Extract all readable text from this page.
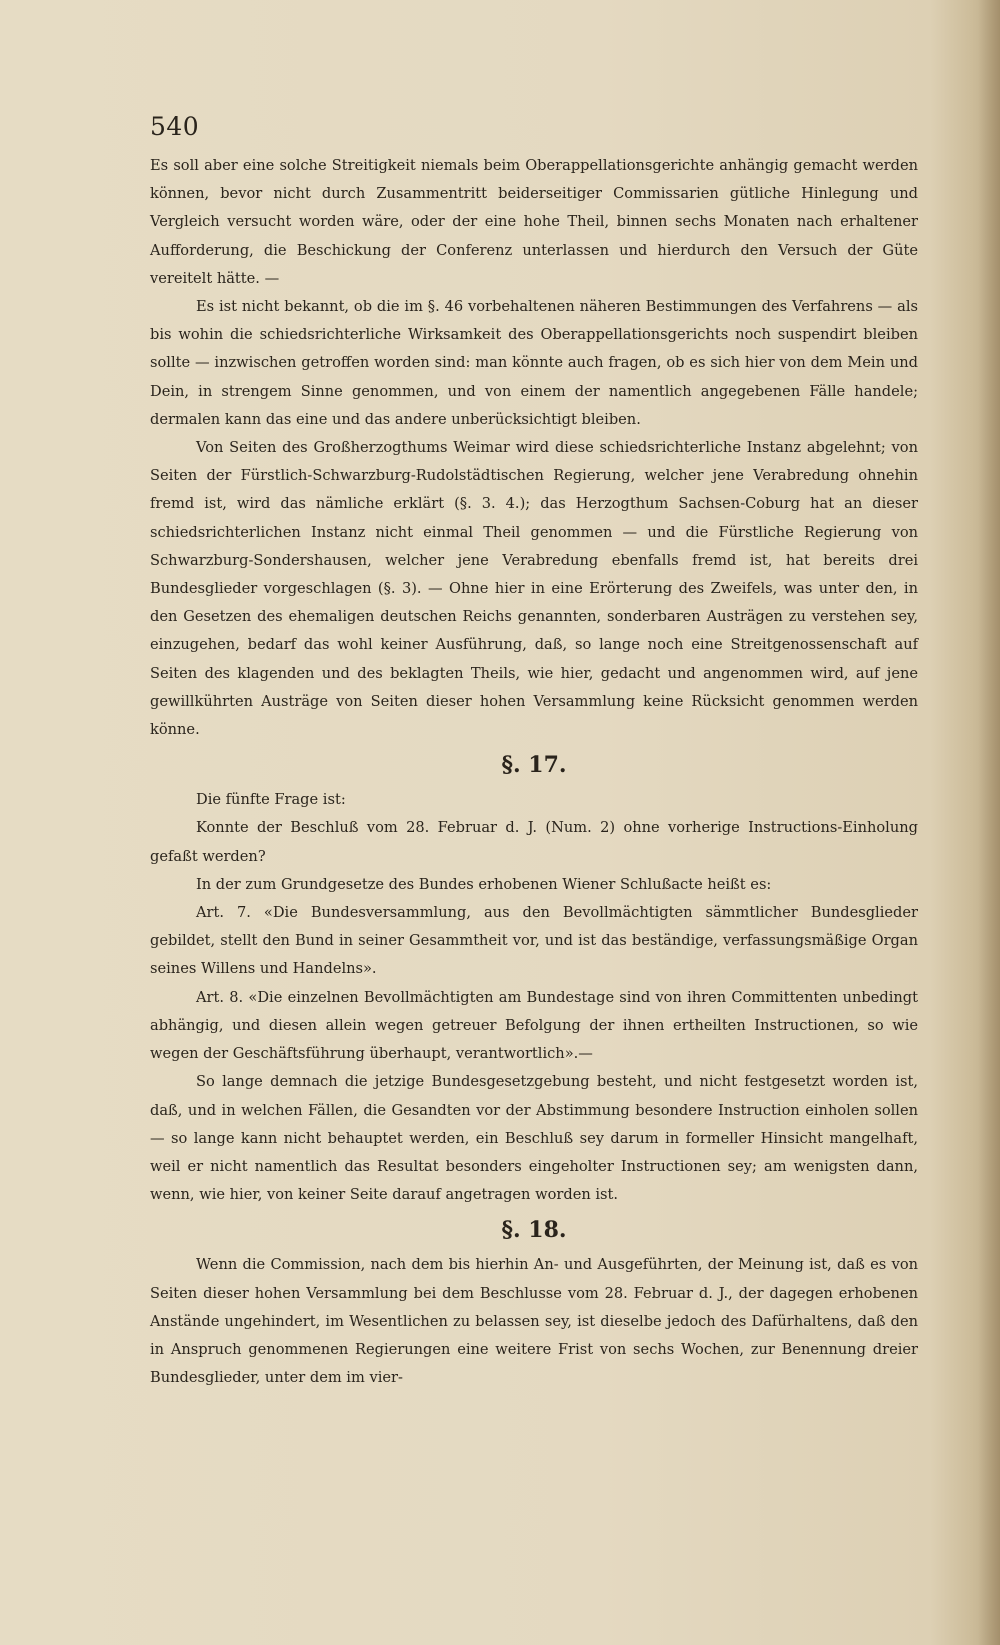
540

Es soll aber eine solche Streitigkeit niemals beim Oberappellationsgerichte anhängig gemacht werden können, bevor nicht durch Zusammentritt beiderseitiger Commissarien gütliche Hinlegung und Vergleich versucht worden wäre, oder der eine hohe Theil, binnen sechs Monaten nach erhaltener Aufforderung, die Beschickung der Conferenz unterlassen und hierdurch den Versuch der Güte vereitelt hätte. —

Es ist nicht bekannt, ob die im §. 46 vorbehaltenen näheren Bestimmungen des Verfahrens — als bis wohin die schiedsrichterliche Wirksamkeit des Oberappellationsgerichts noch suspendirt bleiben sollte — inzwischen getroffen worden sind: man könnte auch fragen, ob es sich hier von dem Mein und Dein, in strengem Sinne genommen, und von einem der namentlich angegebenen Fälle handele; dermalen kann das eine und das andere unberücksichtigt bleiben.

Von Seiten des Großherzogthums Weimar wird diese schiedsrichterliche Instanz abgelehnt; von Seiten der Fürstlich-Schwarzburg-Rudolstädtischen Regierung, welcher jene Verabredung ohnehin fremd ist, wird das nämliche erklärt (§. 3. 4.); das Herzogthum Sachsen-Coburg hat an dieser schiedsrichterlichen Instanz nicht einmal Theil genommen — und die Fürstliche Regierung von Schwarzburg-Sondershausen, welcher jene Verabredung ebenfalls fremd ist, hat bereits drei Bundesglieder vorgeschlagen (§. 3). — Ohne hier in eine Erörterung des Zweifels, was unter den, in den Gesetzen des ehemaligen deutschen Reichs genannten, sonderbaren Austrägen zu verstehen sey, einzugehen, bedarf das wohl keiner Ausführung, daß, so lange noch eine Streitgenossenschaft auf Seiten des klagenden und des beklagten Theils, wie hier, gedacht und angenommen wird, auf jene gewillkührten Austräge von Seiten dieser hohen Versammlung keine Rücksicht genommen werden könne.

§. 17.

Die fünfte Frage ist:

Konnte der Beschluß vom 28. Februar d. J. (Num. 2) ohne vorherige Instructions-Einholung gefaßt werden?

In der zum Grundgesetze des Bundes erhobenen Wiener Schlußacte heißt es:

Art. 7. «Die Bundesversammlung, aus den Bevollmächtigten sämmtlicher Bundesglieder gebildet, stellt den Bund in seiner Gesammtheit vor, und ist das beständige, verfassungsmäßige Organ seines Willens und Handelns».

Art. 8. «Die einzelnen Bevollmächtigten am Bundestage sind von ihren Committenten unbedingt abhängig, und diesen allein wegen getreuer Befolgung der ihnen ertheilten Instructionen, so wie wegen der Geschäftsführung überhaupt, verantwortlich».—

So lange demnach die jetzige Bundesgesetzgebung besteht, und nicht festgesetzt worden ist, daß, und in welchen Fällen, die Gesandten vor der Abstimmung besondere Instruction einholen sollen — so lange kann nicht behauptet werden, ein Beschluß sey darum in formeller Hinsicht mangelhaft, weil er nicht namentlich das Resultat besonders eingeholter Instructionen sey; am wenigsten dann, wenn, wie hier, von keiner Seite darauf angetragen worden ist.

§. 18.

Wenn die Commission, nach dem bis hierhin An- und Ausgeführten, der Meinung ist, daß es von Seiten dieser hohen Versammlung bei dem Beschlusse vom 28. Februar d. J., der dagegen erhobenen Anstände ungehindert, im Wesentlichen zu belassen sey, ist dieselbe jedoch des Dafürhaltens, daß den in Anspruch genommenen Regierungen eine weitere Frist von sechs Wochen, zur Benennung dreier Bundesglieder, unter dem im vier-
